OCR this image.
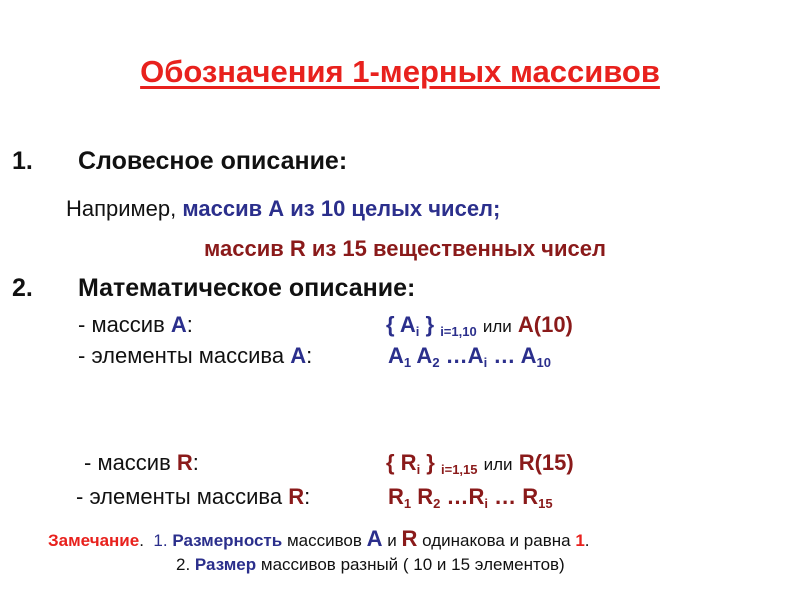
Обозначения 1-мерных массивов
1. Словесное описание:
Например, массив А из 10 целых чисел;
массив R из 15 вещественных чисел
2. Математическое описание:
- массив А:	{ $A_i$ } $_{i=1,10}$ или A(10)
- элементы массива А:	$A_1$ $A_2$ $\dots A_i$ … $A_{10}$
- массив R:	{ $R_i$ } $_{i=1,15}$ или R(15)
- элементы массива R:	$R_1$ $R_2$ $\dots R_i$ … $R_{15}$
Замечание. 1. Размерность массивов А и R одинакова и равна 1.
2. Размер массивов разный ( 10 и 15 элементов)
